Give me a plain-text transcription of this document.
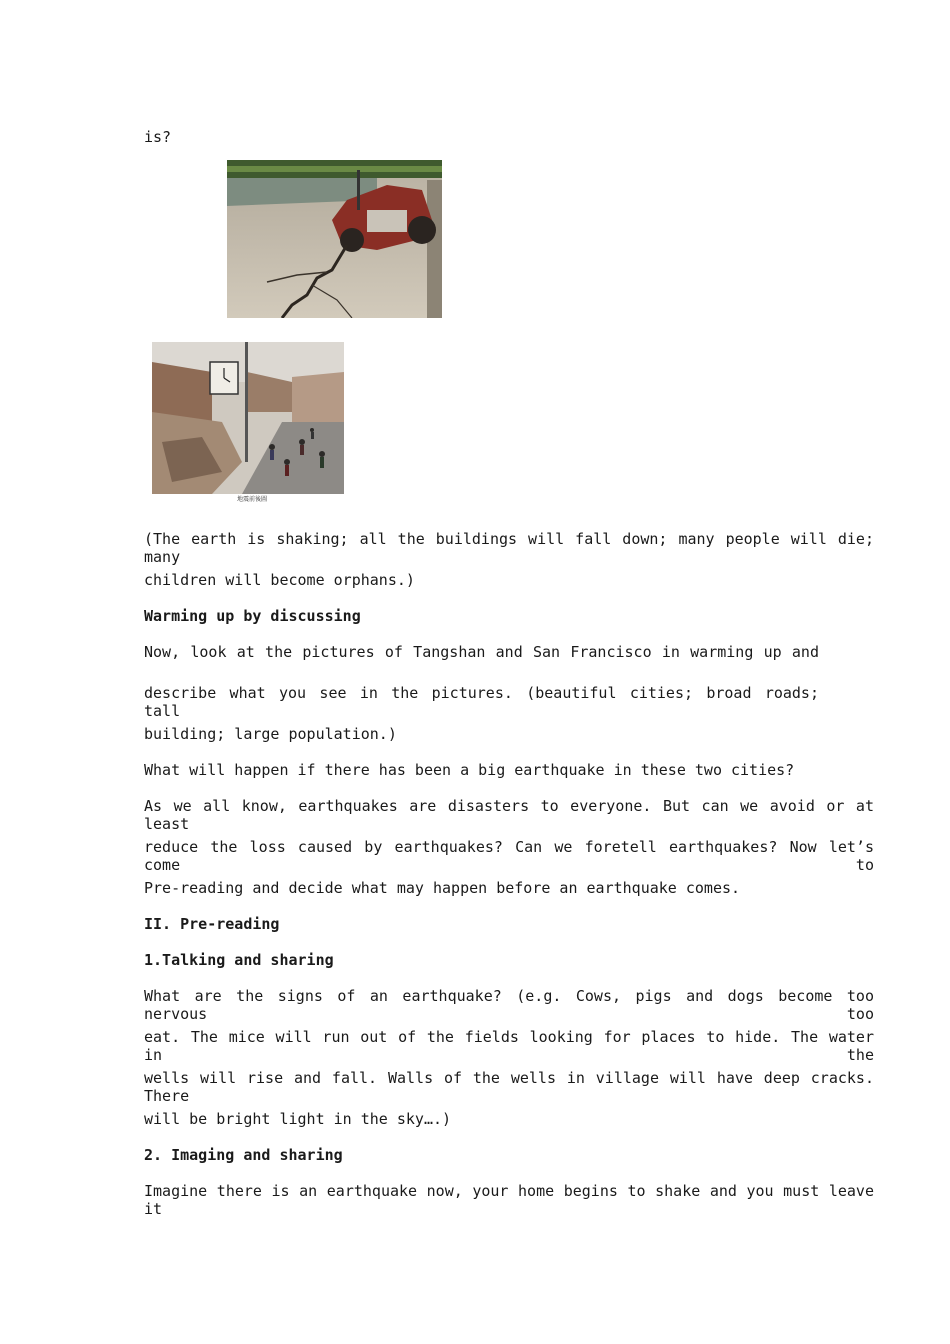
is?
地震前後圖
(The earth is shaking; all the buildings will fall down; many people will die; many
children will become orphans.)
Warming up by discussing
Now, look at the pictures of Tangshan and San Francisco in warming up and
describe what you see in the pictures. (beautiful cities; broad roads; tall
building; large population.)
What will happen if there has been a big earthquake in these two cities?
As we all know, earthquakes are disasters to everyone. But can we avoid or at least
reduce the loss caused by earthquakes? Can we foretell earthquakes? Now let’s come to
Pre-reading and decide what may happen before an earthquake comes.
II. Pre-reading
1.Talking and sharing
What are the signs of an earthquake? (e.g. Cows, pigs and dogs become too nervous too
eat. The mice will run out of the fields looking for places to hide. The water in the
wells will rise and fall. Walls of the wells in village will have deep cracks. There
will be bright light in the sky….)
2. Imaging and sharing
Imagine there is an earthquake now, your home begins to shake and you must leave it
